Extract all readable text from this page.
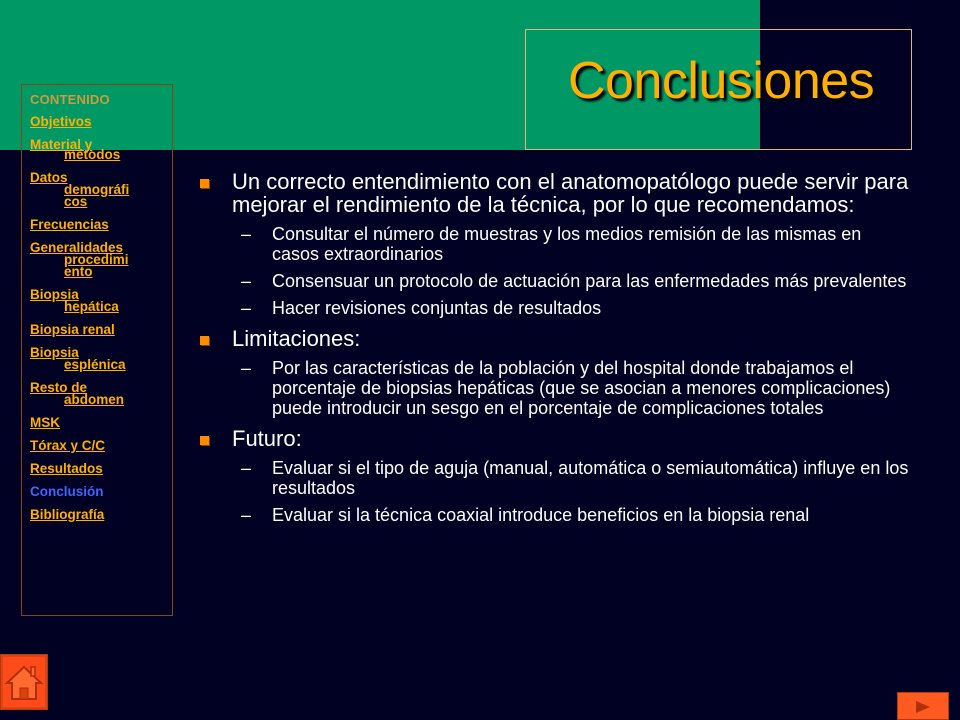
Conclusiones
CONTENIDO
Objetivos
Material y
métodos
Datos
demográfi
cos
Frecuencias
Generalidades
procedimi
ento
Biopsia
hepática
Biopsia renal
Biopsia
esplénica
Resto de
abdomen
MSK
Tórax y C/C
Resultados
Conclusión
Bibliografía
Un correcto entendimiento con el anatomopatólogo puede servir para mejorar el rendimiento de la técnica, por lo que recomendamos:
– Consultar el número de muestras y los medios remisión de las mismas en casos extraordinarios
– Consensuar un protocolo de actuación para las enfermedades más prevalentes
– Hacer revisiones conjuntas de resultados
Limitaciones:
– Por las características de la población y del hospital donde trabajamos el porcentaje de biopsias hepáticas (que se asocian a menores complicaciones) puede introducir un sesgo en el porcentaje de complicaciones totales
Futuro:
– Evaluar si el tipo de aguja (manual, automática o semiautomática) influye en los resultados
– Evaluar si la técnica coaxial introduce beneficios en la biopsia renal
